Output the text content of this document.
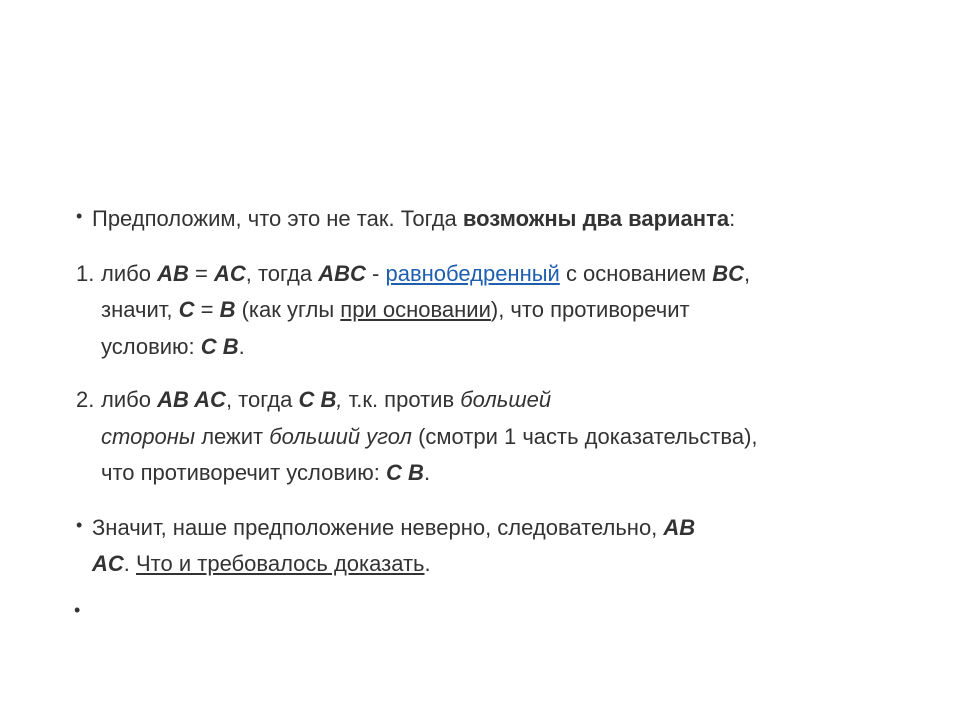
• Предположим, что это не так. Тогда возможны два варианта:
1. либо AB = AC, тогда ABC - равнобедренный с основанием BC,
значит, C = B (как углы при основании), что противоречит
условию: C B.
2. либо AB AC, тогда C B, т.к. против большей
стороны лежит больший угол (смотри 1 часть доказательства),
что противоречит условию: C B.
• Значит, наше предположение неверно, следовательно, AB
AC. Что и требовалось доказать.
•
